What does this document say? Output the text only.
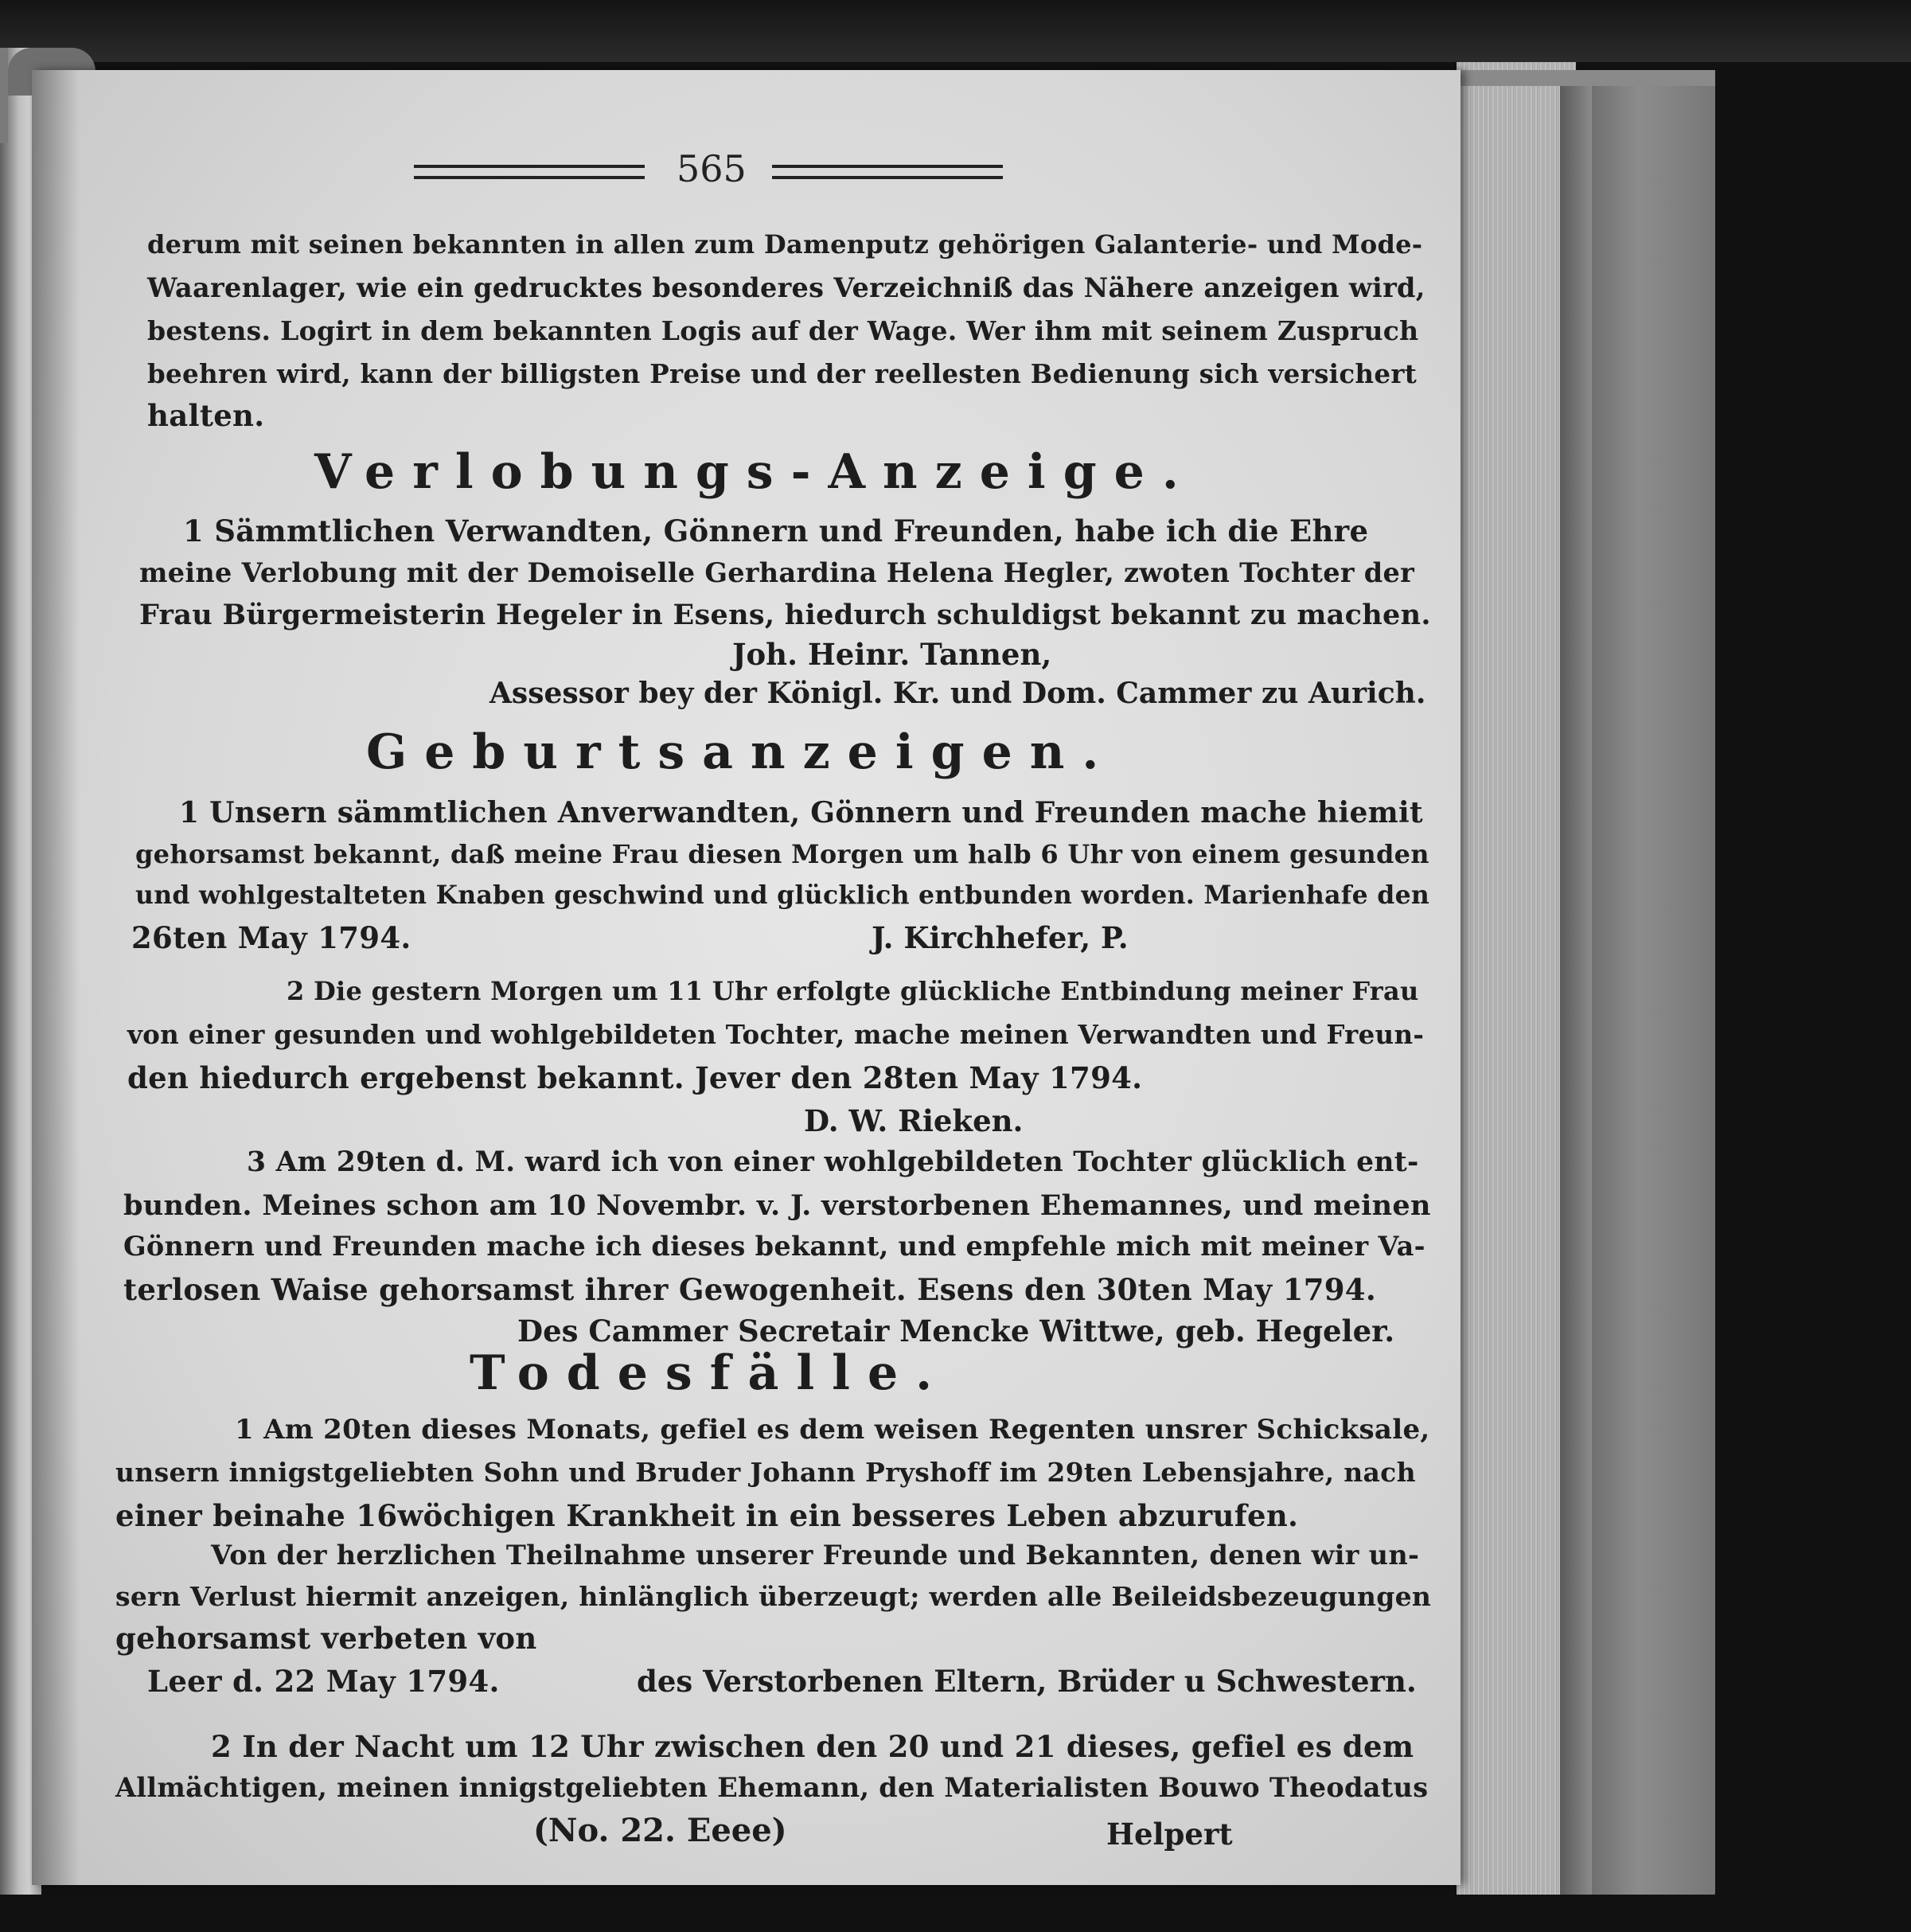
565
derum mit seinen bekannten in allen zum Damenputz gehörigen Galanterie- und Mode-
Waarenlager, wie ein gedrucktes besonderes Verzeichniß das Nähere anzeigen wird,
bestens. Logirt in dem bekannten Logis auf der Wage. Wer ihm mit seinem Zuspruch
beehren wird, kann der billigsten Preise und der reellesten Bedienung sich versichert
halten.
Verlobungs-Anzeige.
1 Sämmtlichen Verwandten, Gönnern und Freunden, habe ich die Ehre
meine Verlobung mit der Demoiselle Gerhardina Helena Hegler, zwoten Tochter der
Frau Bürgermeisterin Hegeler in Esens, hiedurch schuldigst bekannt zu machen.
Joh. Heinr. Tannen,
Assessor bey der Königl. Kr. und Dom. Cammer zu Aurich.
Geburtsanzeigen.
1 Unsern sämmtlichen Anverwandten, Gönnern und Freunden mache hiemit
gehorsamst bekannt, daß meine Frau diesen Morgen um halb 6 Uhr von einem gesunden
und wohlgestalteten Knaben geschwind und glücklich entbunden worden. Marienhafe den
26ten May 1794.	J. Kirchhefer, P.
2 Die gestern Morgen um 11 Uhr erfolgte glückliche Entbindung meiner Frau
von einer gesunden und wohlgebildeten Tochter, mache meinen Verwandten und Freun-
den hiedurch ergebenst bekannt. Jever den 28ten May 1794.
D. W. Rieken.
3 Am 29ten d. M. ward ich von einer wohlgebildeten Tochter glücklich ent-
bunden. Meines schon am 10 Novembr. v. J. verstorbenen Ehemannes, und meinen
Gönnern und Freunden mache ich dieses bekannt, und empfehle mich mit meiner Va-
terlosen Waise gehorsamst ihrer Gewogenheit. Esens den 30ten May 1794.
Des Cammer Secretair Mencke Wittwe, geb. Hegeler.
Todesfälle.
1 Am 20ten dieses Monats, gefiel es dem weisen Regenten unsrer Schicksale,
unsern innigstgeliebten Sohn und Bruder Johann Pryshoff im 29ten Lebensjahre, nach
einer beinahe 16wöchigen Krankheit in ein besseres Leben abzurufen.
Von der herzlichen Theilnahme unserer Freunde und Bekannten, denen wir un-
sern Verlust hiermit anzeigen, hinlänglich überzeugt; werden alle Beileidsbezeugungen
gehorsamst verbeten von
Leer d. 22 May 1794.	des Verstorbenen Eltern, Brüder u Schwestern.
2 In der Nacht um 12 Uhr zwischen den 20 und 21 dieses, gefiel es dem
Allmächtigen, meinen innigstgeliebten Ehemann, den Materialisten Bouwo Theodatus
(No. 22. Eeee)	Helpert
